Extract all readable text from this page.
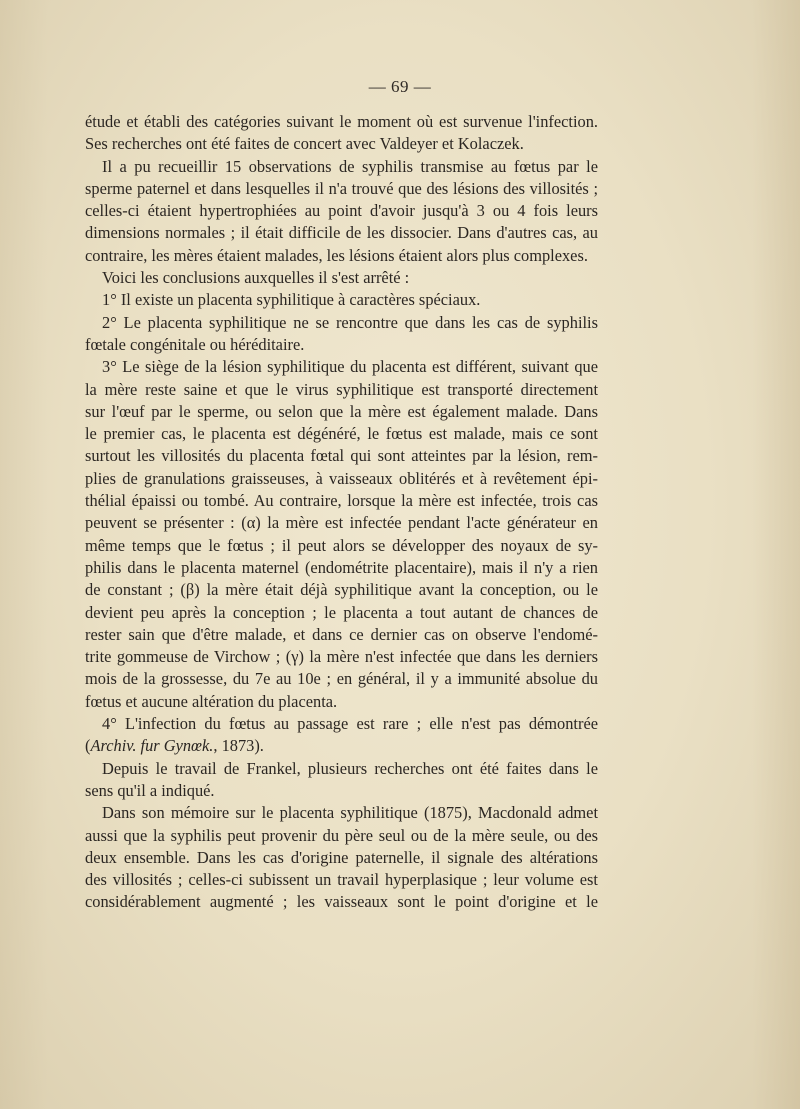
— 69 —
étude et établi des catégories suivant le moment où est survenue l'infection.
Ses recherches ont été faites de concert avec Valdeyer et Kolaczek.
Il a pu recueillir 15 observations de syphilis transmise au fœtus par le
sperme paternel et dans lesquelles il n'a trouvé que des lésions des villosités ;
celles-ci étaient hypertrophiées au point d'avoir jusqu'à 3 ou 4 fois leurs
dimensions normales ; il était difficile de les dissocier. Dans d'autres cas, au
contraire, les mères étaient malades, les lésions étaient alors plus complexes.
Voici les conclusions auxquelles il s'est arrêté :
1° Il existe un placenta syphilitique à caractères spéciaux.
2° Le placenta syphilitique ne se rencontre que dans les cas de syphilis
fœtale congénitale ou héréditaire.
3° Le siège de la lésion syphilitique du placenta est différent, suivant que
la mère reste saine et que le virus syphilitique est transporté directement
sur l'œuf par le sperme, ou selon que la mère est également malade. Dans
le premier cas, le placenta est dégénéré, le fœtus est malade, mais ce sont
surtout les villosités du placenta fœtal qui sont atteintes par la lésion, rem-
plies de granulations graisseuses, à vaisseaux oblitérés et à revêtement épi-
thélial épaissi ou tombé. Au contraire, lorsque la mère est infectée, trois cas
peuvent se présenter : (α) la mère est infectée pendant l'acte générateur en
même temps que le fœtus ; il peut alors se développer des noyaux de sy-
philis dans le placenta maternel (endométrite placentaire), mais il n'y a rien
de constant ; (β) la mère était déjà syphilitique avant la conception, ou le
devient peu après la conception ; le placenta a tout autant de chances de
rester sain que d'être malade, et dans ce dernier cas on observe l'endomé-
trite gommeuse de Virchow ; (γ) la mère n'est infectée que dans les derniers
mois de la grossesse, du 7e au 10e ; en général, il y a immunité absolue du
fœtus et aucune altération du placenta.
4° L'infection du fœtus au passage est rare ; elle n'est pas démontrée
(Archiv. fur Gynœk., 1873).
Depuis le travail de Frankel, plusieurs recherches ont été faites dans le
sens qu'il a indiqué.
Dans son mémoire sur le placenta syphilitique (1875), Macdonald admet
aussi que la syphilis peut provenir du père seul ou de la mère seule, ou des
deux ensemble. Dans les cas d'origine paternelle, il signale des altérations
des villosités ; celles-ci subissent un travail hyperplasique ; leur volume est
considérablement augmenté ; les vaisseaux sont le point d'origine et le
